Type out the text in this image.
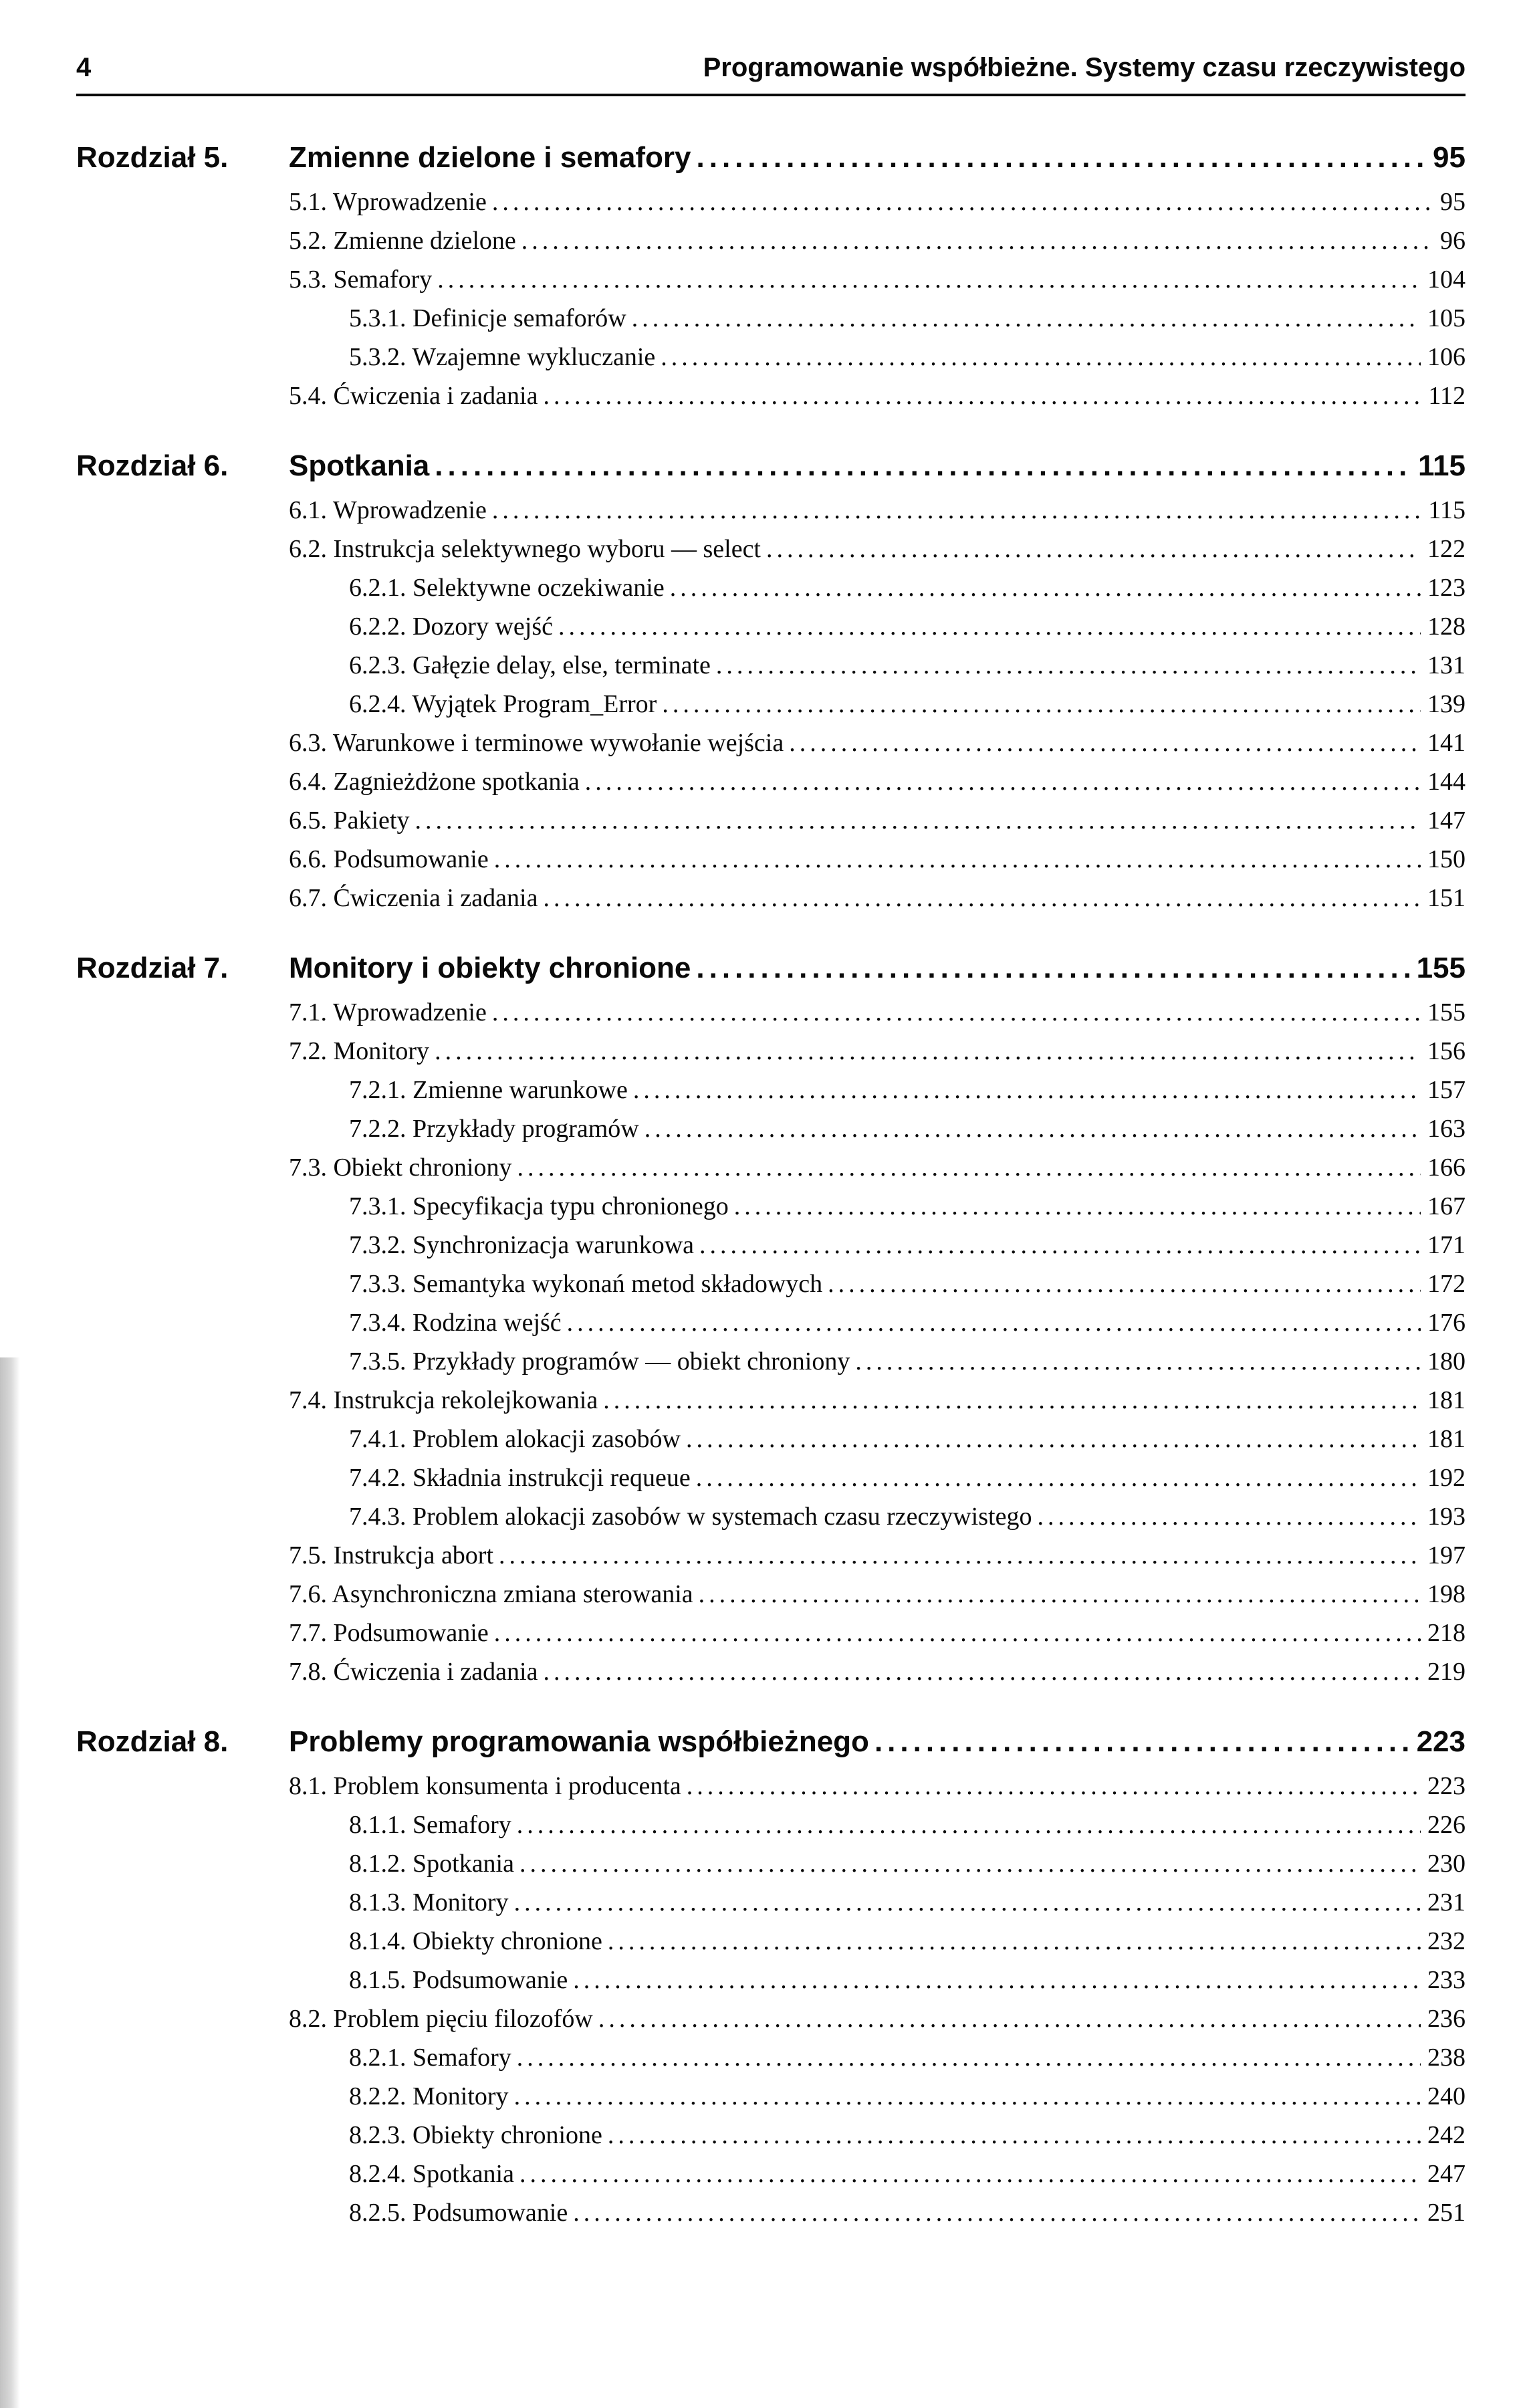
4	Programowanie współbieżne. Systemy czasu rzeczywistego
Rozdział 5.	Zmienne dzielone i semafory .....	95
5.1. Wprowadzenie .....	95
5.2. Zmienne dzielone .....	96
5.3. Semafory .....	104
5.3.1. Definicje semaforów .....	105
5.3.2. Wzajemne wykluczanie .....	106
5.4. Ćwiczenia i zadania .....	112
Rozdział 6.	Spotkania .....	115
6.1. Wprowadzenie .....	115
6.2. Instrukcja selektywnego wyboru — select .....	122
6.2.1. Selektywne oczekiwanie .....	123
6.2.2. Dozory wejść .....	128
6.2.3. Gałęzie delay, else, terminate .....	131
6.2.4. Wyjątek Program_Error .....	139
6.3. Warunkowe i terminowe wywołanie wejścia .....	141
6.4. Zagnieżdżone spotkania .....	144
6.5. Pakiety .....	147
6.6. Podsumowanie .....	150
6.7. Ćwiczenia i zadania .....	151
Rozdział 7.	Monitory i obiekty chronione .....	155
7.1. Wprowadzenie .....	155
7.2. Monitory .....	156
7.2.1. Zmienne warunkowe .....	157
7.2.2. Przykłady programów .....	163
7.3. Obiekt chroniony .....	166
7.3.1. Specyfikacja typu chronionego .....	167
7.3.2. Synchronizacja warunkowa .....	171
7.3.3. Semantyka wykonań metod składowych .....	172
7.3.4. Rodzina wejść .....	176
7.3.5. Przykłady programów — obiekt chroniony .....	180
7.4. Instrukcja rekolejkowania .....	181
7.4.1. Problem alokacji zasobów .....	181
7.4.2. Składnia instrukcji requeue .....	192
7.4.3. Problem alokacji zasobów w systemach czasu rzeczywistego .....	193
7.5. Instrukcja abort .....	197
7.6. Asynchroniczna zmiana sterowania .....	198
7.7. Podsumowanie .....	218
7.8. Ćwiczenia i zadania .....	219
Rozdział 8.	Problemy programowania współbieżnego .....	223
8.1. Problem konsumenta i producenta .....	223
8.1.1. Semafory .....	226
8.1.2. Spotkania .....	230
8.1.3. Monitory .....	231
8.1.4. Obiekty chronione .....	232
8.1.5. Podsumowanie .....	233
8.2. Problem pięciu filozofów .....	236
8.2.1. Semafory .....	238
8.2.2. Monitory .....	240
8.2.3. Obiekty chronione .....	242
8.2.4. Spotkania .....	247
8.2.5. Podsumowanie .....	251
